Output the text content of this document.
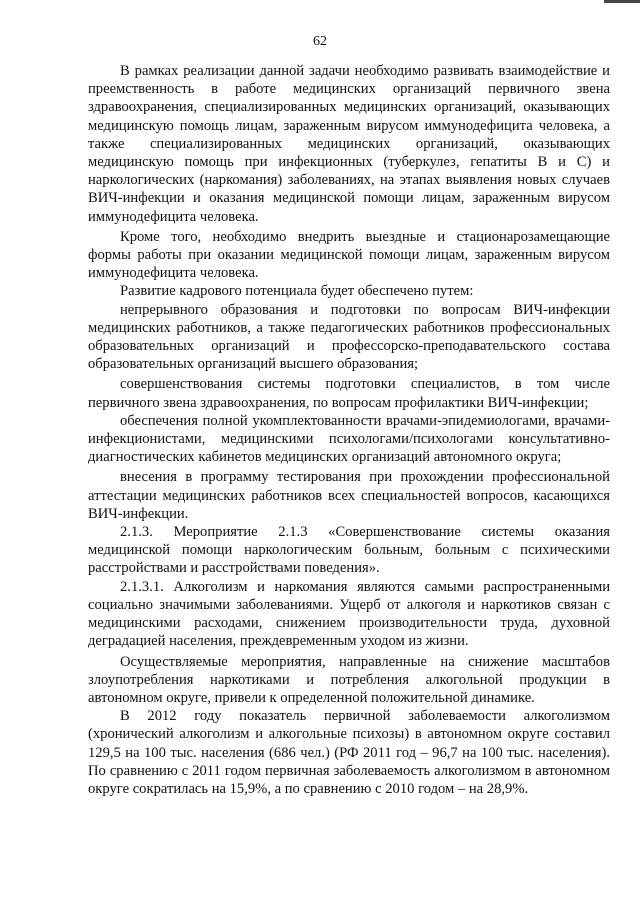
62

В рамках реализации данной задачи необходимо развивать взаимодействие и преемственность в работе медицинских организаций первичного звена здравоохранения, специализированных медицинских организаций, оказывающих медицинскую помощь лицам, зараженным вирусом иммунодефицита человека, а также специализированных медицинских организаций, оказывающих медицинскую помощь при инфекционных (туберкулез, гепатиты В и С) и наркологических (наркомания) заболеваниях, на этапах выявления новых случаев ВИЧ-инфекции и оказания медицинской помощи лицам, зараженным вирусом иммунодефицита человека.

Кроме того, необходимо внедрить выездные и стационарозамещающие формы работы при оказании медицинской помощи лицам, зараженным вирусом иммунодефицита человека.

Развитие кадрового потенциала будет обеспечено путем:

непрерывного образования и подготовки по вопросам ВИЧ-инфекции медицинских работников, а также педагогических работников профессиональных образовательных организаций и профессорско-преподавательского состава образовательных организаций высшего образования;

совершенствования системы подготовки специалистов, в том числе первичного звена здравоохранения, по вопросам профилактики ВИЧ-инфекции;

обеспечения полной укомплектованности врачами-эпидемиологами, врачами-инфекционистами, медицинскими психологами/психологами консультативно-диагностических кабинетов медицинских организаций автономного округа;

внесения в программу тестирования при прохождении профессиональной аттестации медицинских работников всех специальностей вопросов, касающихся ВИЧ-инфекции.

2.1.3. Мероприятие 2.1.3 «Совершенствование системы оказания медицинской помощи наркологическим больным, больным с психическими расстройствами и расстройствами поведения».

2.1.3.1. Алкоголизм и наркомания являются самыми распространенными социально значимыми заболеваниями. Ущерб от алкоголя и наркотиков связан с медицинскими расходами, снижением производительности труда, духовной деградацией населения, преждевременным уходом из жизни.

Осуществляемые мероприятия, направленные на снижение масштабов злоупотребления наркотиками и потребления алкогольной продукции в автономном округе, привели к определенной положительной динамике.

В 2012 году показатель первичной заболеваемости алкоголизмом (хронический алкоголизм и алкогольные психозы) в автономном округе составил 129,5 на 100 тыс. населения (686 чел.) (РФ 2011 год – 96,7 на 100 тыс. населения). По сравнению с 2011 годом первичная заболеваемость алкоголизмом в автономном округе сократилась на 15,9%, а по сравнению с 2010 годом – на 28,9%.
